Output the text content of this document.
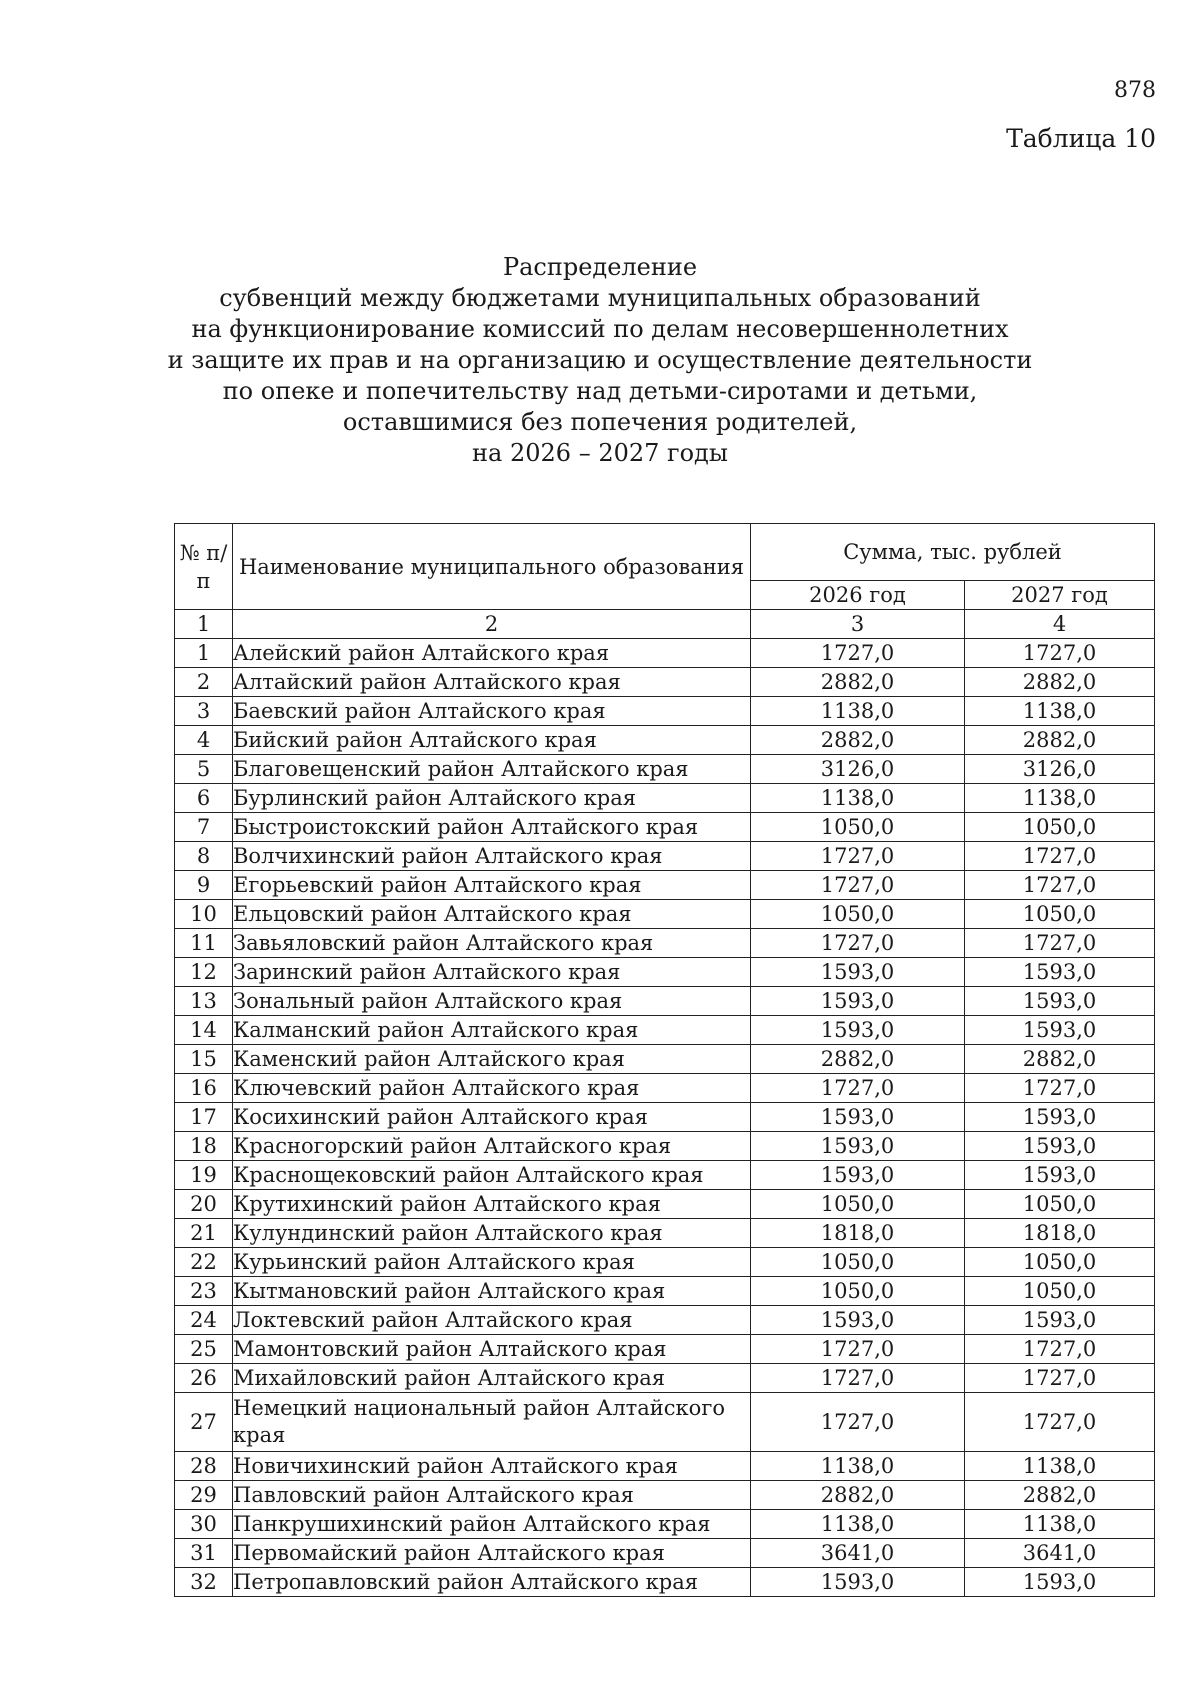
878
Таблица 10
Распределение
субвенций между бюджетами муниципальных образований
на функционирование комиссий по делам несовершеннолетних
и защите их прав и на организацию и осуществление деятельности
по опеке и попечительству над детьми-сиротами и детьми,
оставшимися без попечения родителей,
на 2026 – 2027 годы
№ п/п	Наименование муниципального образования	Сумма, тыс. рублей	
		2026 год	2027 год
1	2	3	4
1	Алейский район Алтайского края	1727,0	1727,0
2	Алтайский район Алтайского края	2882,0	2882,0
3	Баевский район Алтайского края	1138,0	1138,0
4	Бийский район Алтайского края	2882,0	2882,0
5	Благовещенский район Алтайского края	3126,0	3126,0
6	Бурлинский район Алтайского края	1138,0	1138,0
7	Быстроистокский район Алтайского края	1050,0	1050,0
8	Волчихинский район Алтайского края	1727,0	1727,0
9	Егорьевский район Алтайского края	1727,0	1727,0
10	Ельцовский район Алтайского края	1050,0	1050,0
11	Завьяловский район Алтайского края	1727,0	1727,0
12	Заринский район Алтайского края	1593,0	1593,0
13	Зональный район Алтайского края	1593,0	1593,0
14	Калманский район Алтайского края	1593,0	1593,0
15	Каменский район Алтайского края	2882,0	2882,0
16	Ключевский район Алтайского края	1727,0	1727,0
17	Косихинский район Алтайского края	1593,0	1593,0
18	Красногорский район Алтайского края	1593,0	1593,0
19	Краснощековский район Алтайского края	1593,0	1593,0
20	Крутихинский район Алтайского края	1050,0	1050,0
21	Кулундинский район Алтайского края	1818,0	1818,0
22	Курьинский район Алтайского края	1050,0	1050,0
23	Кытмановский район Алтайского края	1050,0	1050,0
24	Локтевский район Алтайского края	1593,0	1593,0
25	Мамонтовский район Алтайского края	1727,0	1727,0
26	Михайловский район Алтайского края	1727,0	1727,0
27	Немецкий национальный район Алтайского края	1727,0	1727,0
28	Новичихинский район Алтайского края	1138,0	1138,0
29	Павловский район Алтайского края	2882,0	2882,0
30	Панкрушихинский район Алтайского края	1138,0	1138,0
31	Первомайский район Алтайского края	3641,0	3641,0
32	Петропавловский район Алтайского края	1593,0	1593,0
